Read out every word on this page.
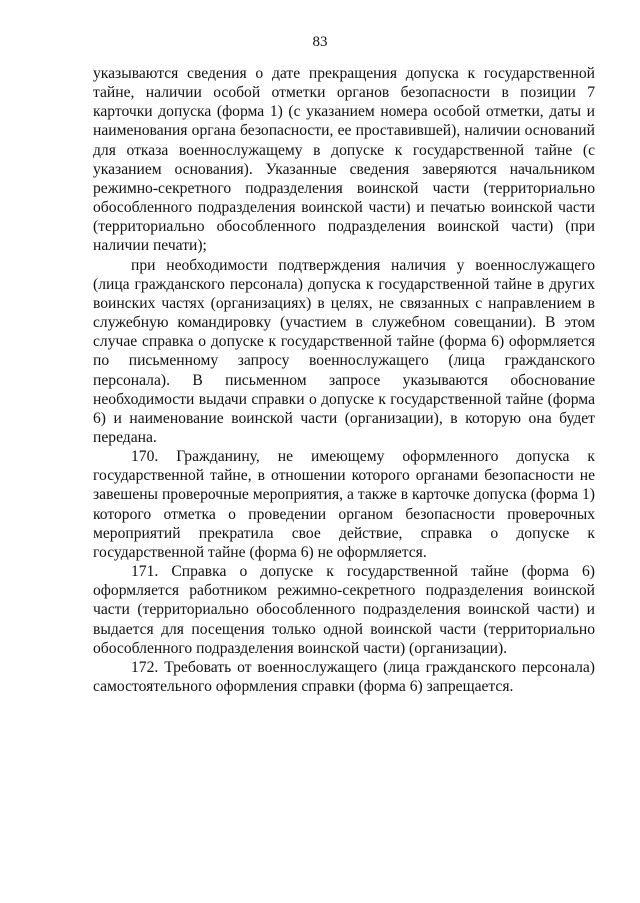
83

указываются сведения о дате прекращения допуска к государственной тайне, наличии особой отметки органов безопасности в позиции 7 карточки допуска (форма 1) (с указанием номера особой отметки, даты и наименования органа безопасности, ее проставившей), наличии оснований для отказа военнослужащему в допуске к государственной тайне (с указанием основания). Указанные сведения заверяются начальником режимно-секретного подразделения воинской части (территориально обособленного подразделения воинской части) и печатью воинской части (территориально обособленного подразделения воинской части) (при наличии печати);

при необходимости подтверждения наличия у военнослужащего (лица гражданского персонала) допуска к государственной тайне в других воинских частях (организациях) в целях, не связанных с направлением в служебную командировку (участием в служебном совещании). В этом случае справка о допуске к государственной тайне (форма 6) оформляется по письменному запросу военнослужащего (лица гражданского персонала). В письменном запросе указываются обоснование необходимости выдачи справки о допуске к государственной тайне (форма 6) и наименование воинской части (организации), в которую она будет передана.

170. Гражданину, не имеющему оформленного допуска к государственной тайне, в отношении которого органами безопасности не завешены проверочные мероприятия, а также в карточке допуска (форма 1) которого отметка о проведении органом безопасности проверочных мероприятий прекратила свое действие, справка о допуске к государственной тайне (форма 6) не оформляется.

171. Справка о допуске к государственной тайне (форма 6) оформляется работником режимно-секретного подразделения воинской части (территориально обособленного подразделения воинской части) и выдается для посещения только одной воинской части (территориально обособленного подразделения воинской части) (организации).

172. Требовать от военнослужащего (лица гражданского персонала) самостоятельного оформления справки (форма 6) запрещается.
